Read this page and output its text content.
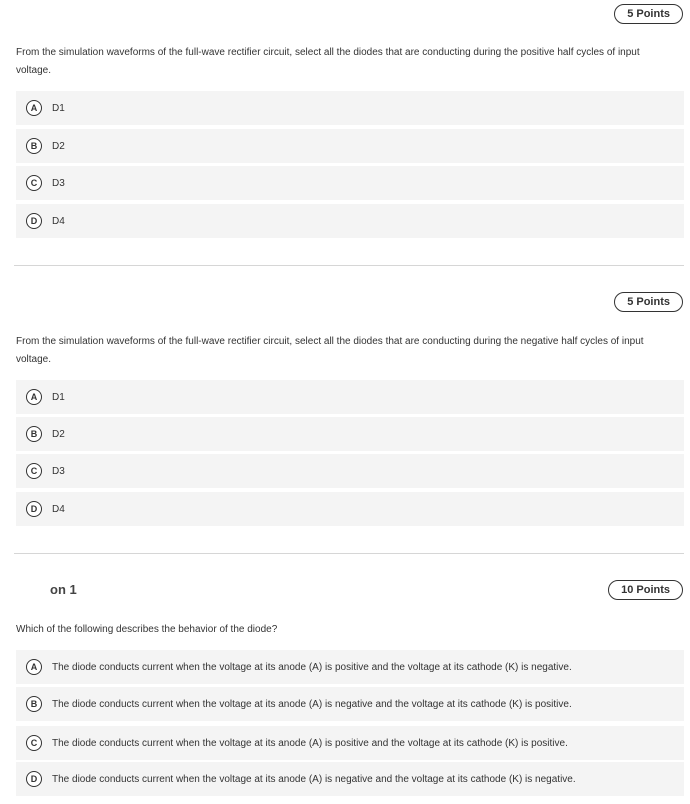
5 Points
From the simulation waveforms of the full-wave rectifier circuit, select all the diodes that are conducting during the positive half cycles of input voltage.
A	D1
B	D2
C	D3
D	D4
5 Points
From the simulation waveforms of the full-wave rectifier circuit, select all the diodes that are conducting during the negative half cycles of input voltage.
A	D1
B	D2
C	D3
D	D4
on 1	10 Points
Which of the following describes the behavior of the diode?
A	The diode conducts current when the voltage at its anode (A) is positive and the voltage at its cathode (K) is negative.
B	The diode conducts current when the voltage at its anode (A) is negative and the voltage at its cathode (K) is positive.
C	The diode conducts current when the voltage at its anode (A) is positive and the voltage at its cathode (K) is positive.
D	The diode conducts current when the voltage at its anode (A) is negative and the voltage at its cathode (K) is negative.
